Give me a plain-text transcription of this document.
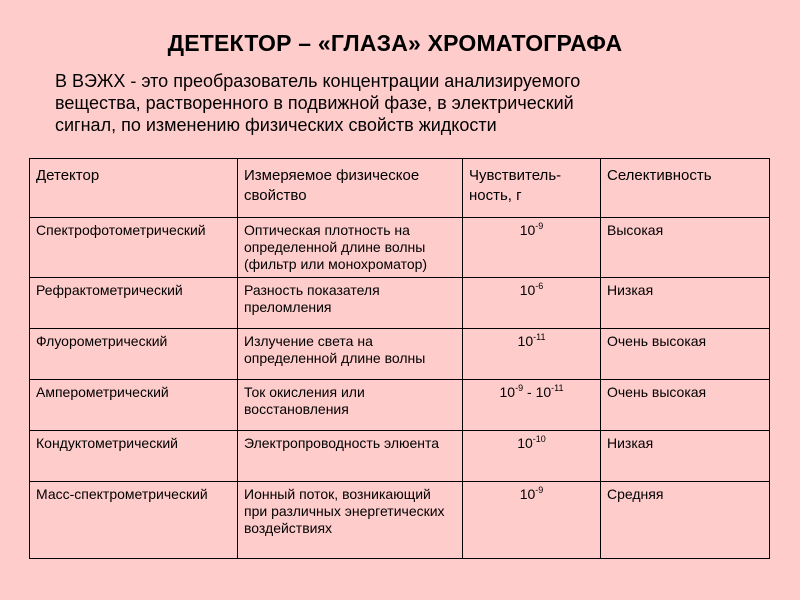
ДЕТЕКТОР – «ГЛАЗА» ХРОМАТОГРАФА
В ВЭЖХ - это преобразователь концентрации анализируемого
вещества, растворенного в подвижной фазе, в электрический
сигнал, по изменению физических свойств жидкости
Детектор	Измеряемое физическое свойство	Чувствитель-ность, г	Селективность
Спектрофотометрический	Оптическая плотность на определенной длине волны (фильтр или монохроматор)	$10^{-9}$	Высокая
Рефрактометрический	Разность показателя преломления	$10^{-6}$	Низкая
Флуорометрический	Излучение света на определенной длине волны	$10^{-11}$	Очень высокая
Амперометрический	Ток окисления или восстановления	$10^{-9} - 10^{-11}$	Очень высокая
Кондуктометрический	Электропроводность элюента	$10^{-10}$	Низкая
Масс-спектрометрический	Ионный поток, возникающий при различных энергетических воздействиях	$10^{-9}$	Средняя
